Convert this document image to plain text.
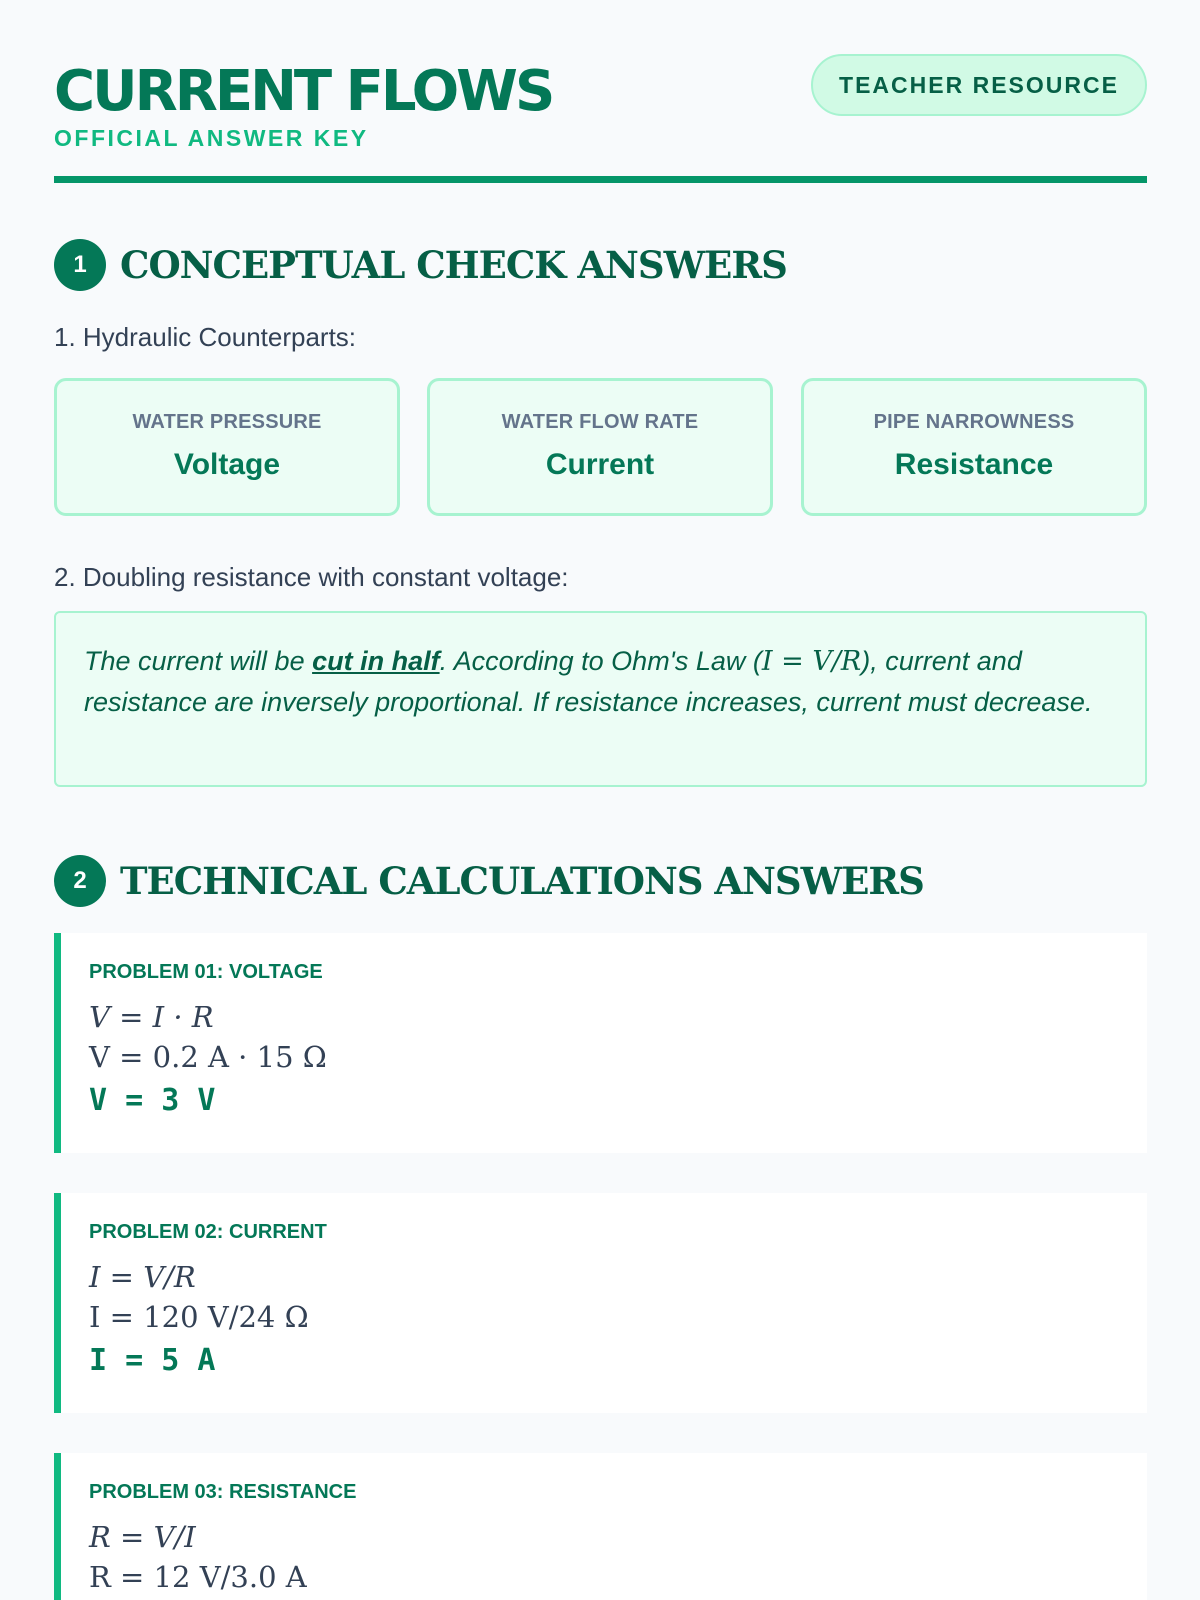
CURRENT FLOWS
OFFICIAL ANSWER KEY
TEACHER RESOURCE
1 CONCEPTUAL CHECK ANSWERS
1. Hydraulic Counterparts:
WATER PRESSURE
Voltage
WATER FLOW RATE
Current
PIPE NARROWNESS
Resistance
2. Doubling resistance with constant voltage:
The current will be cut in half. According to Ohm's Law (I = V/R), current and resistance are inversely proportional. If resistance increases, current must decrease.
2 TECHNICAL CALCULATIONS ANSWERS
PROBLEM 01: VOLTAGE
V = I · R
V = 0.2 A · 15 Ω
V = 3 V
PROBLEM 02: CURRENT
I = V/R
I = 120 V/24 Ω
I = 5 A
PROBLEM 03: RESISTANCE
R = V/I
R = 12 V/3.0 A
